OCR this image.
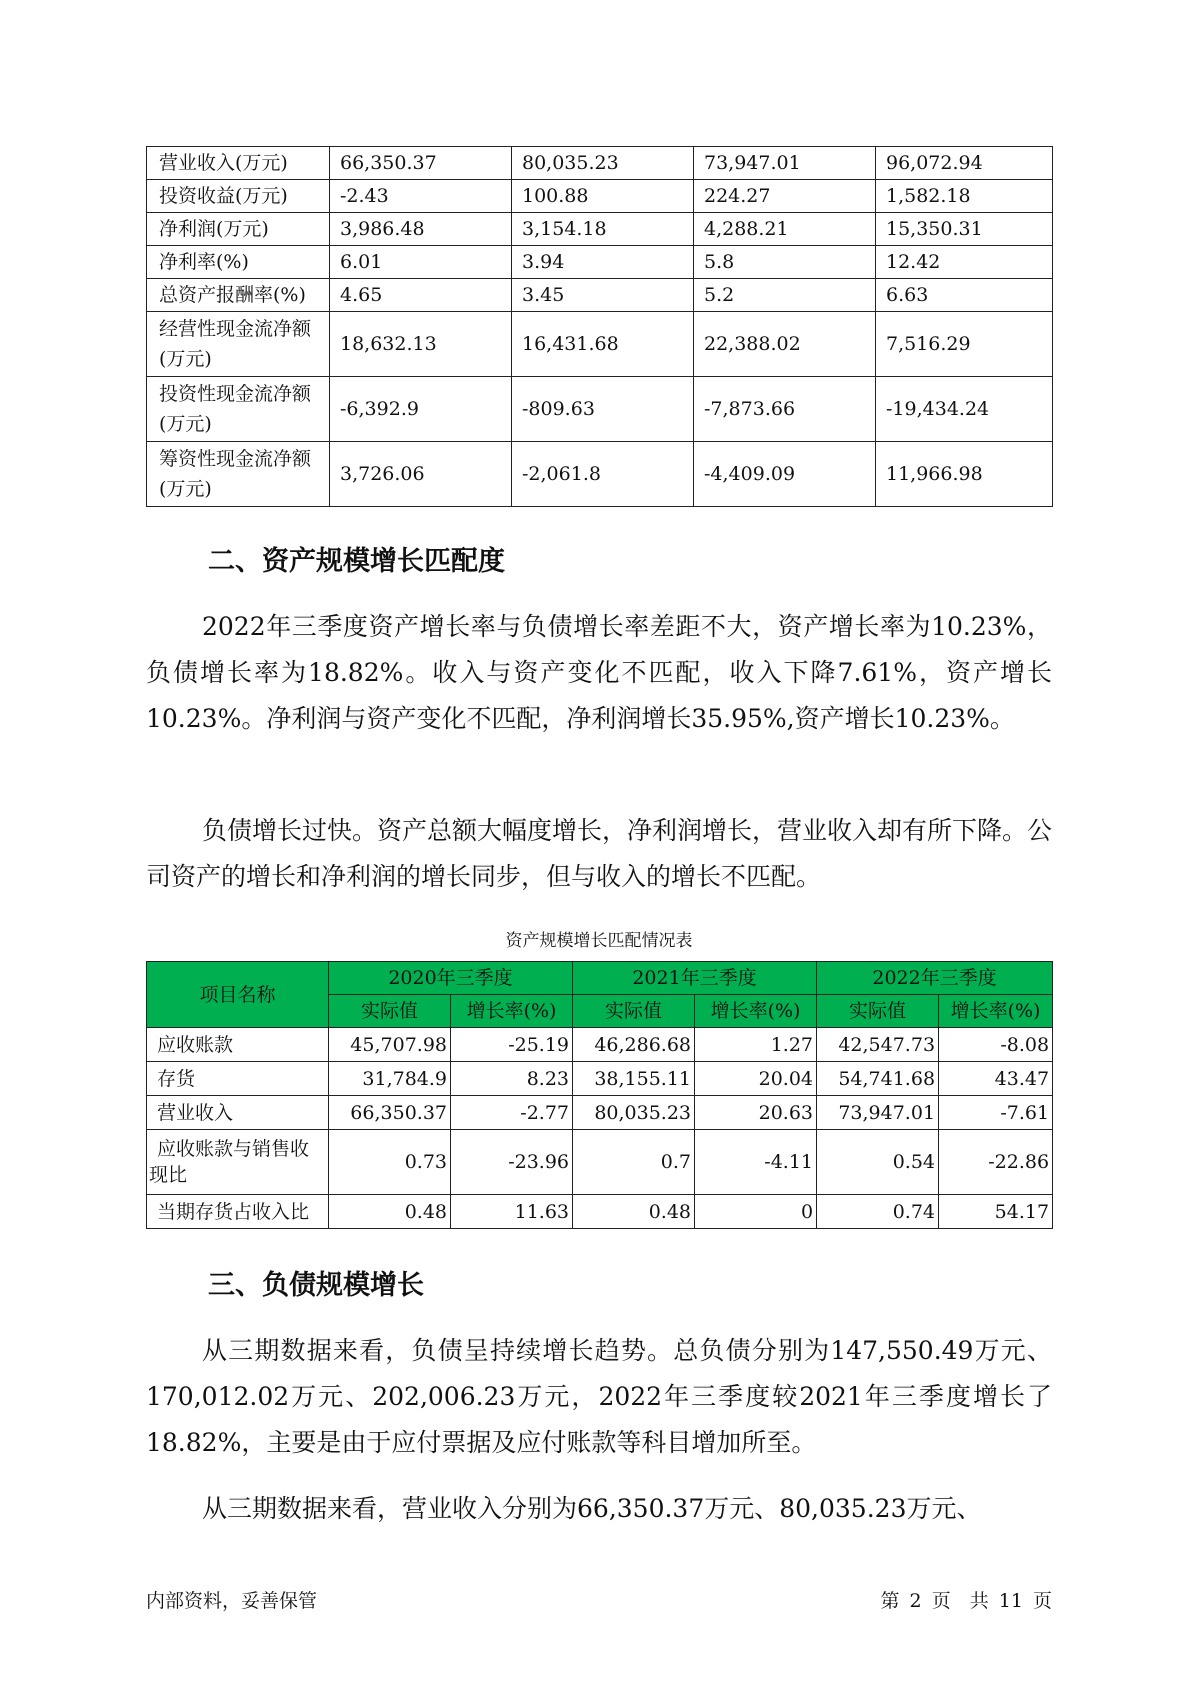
营业收入(万元)	66,350.37	80,035.23	73,947.01	96,072.94
投资收益(万元)	-2.43	100.88	224.27	1,582.18
净利润(万元)	3,986.48	3,154.18	4,288.21	15,350.31
净利率(%)	6.01	3.94	5.8	12.42
总资产报酬率(%)	4.65	3.45	5.2	6.63

经营性现金流净额
(万元)	18,632.13	16,431.68	22,388.02	7,516.29

投资性现金流净额
(万元)	-6,392.9	-809.63	-7,873.66	-19,434.24

筹资性现金流净额
(万元)	3,726.06	-2,061.8	-4,409.09	11,966.98
二、资产规模增长匹配度

2022年三季度资产增长率与负债增长率差距不大，资产增长率为10.23%，负债增长率为18.82%。收入与资产变化不匹配，收入下降7.61%，资产增长10.23%。净利润与资产变化不匹配，净利润增长35.95%,资产增长10.23%。

负债增长过快。资产总额大幅度增长，净利润增长，营业收入却有所下降。公司资产的增长和净利润的增长同步，但与收入的增长不匹配。

资产规模增长匹配情况表
项目名称	2020年三季度		2021年三季度		2022年三季度	
	实际值	增长率(%)	实际值	增长率(%)	实际值	增长率(%)
应收账款	45,707.98	-25.19	46,286.68	1.27	42,547.73	-8.08
存货	31,784.9	8.23	38,155.11	20.04	54,741.68	43.47
营业收入	66,350.37	-2.77	80,035.23	20.63	73,947.01	-7.61

应收账款与销售收
现比	0.73	-23.96	0.7	-4.11	0.54	-22.86
当期存货占收入比	0.48	11.63	0.48	0	0.74	54.17
三、负债规模增长

从三期数据来看，负债呈持续增长趋势。总负债分别为147,550.49万元、170,012.02万元、202,006.23万元，2022年三季度较2021年三季度增长了18.82%，主要是由于应付票据及应付账款等科目增加所至。

从三期数据来看，营业收入分别为66,350.37万元、80,035.23万元、

内部资料，妥善保管	第 2 页　共 11 页
